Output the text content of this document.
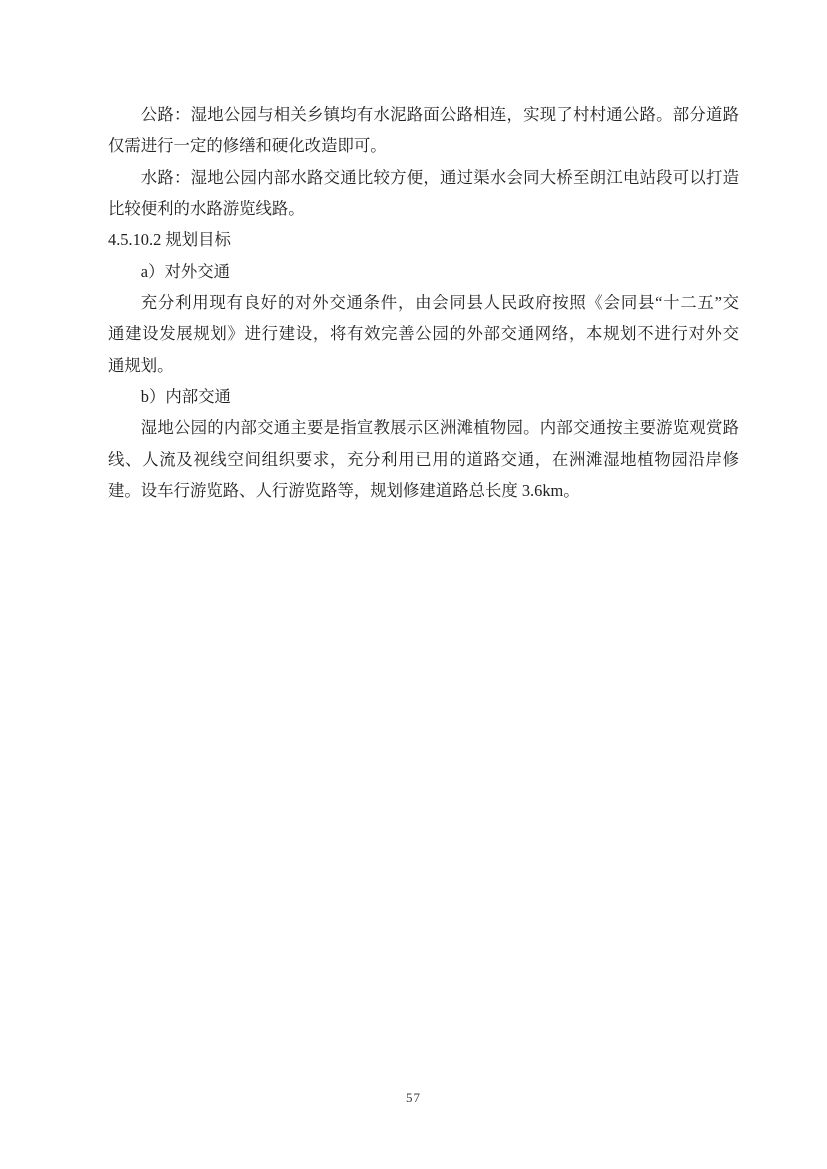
公路：湿地公园与相关乡镇均有水泥路面公路相连，实现了村村通公路。部分道路
仅需进行一定的修缮和硬化改造即可。
水路：湿地公园内部水路交通比较方便，通过渠水会同大桥至朗江电站段可以打造
比较便利的水路游览线路。
4.5.10.2 规划目标
a）对外交通
充分利用现有良好的对外交通条件，由会同县人民政府按照《会同县“十二五”交
通建设发展规划》进行建设，将有效完善公园的外部交通网络，本规划不进行对外交
通规划。
b）内部交通
湿地公园的内部交通主要是指宣教展示区洲滩植物园。内部交通按主要游览观赏路
线、人流及视线空间组织要求，充分利用已用的道路交通，在洲滩湿地植物园沿岸修
建。设车行游览路、人行游览路等，规划修建道路总长度 3.6km。
57
